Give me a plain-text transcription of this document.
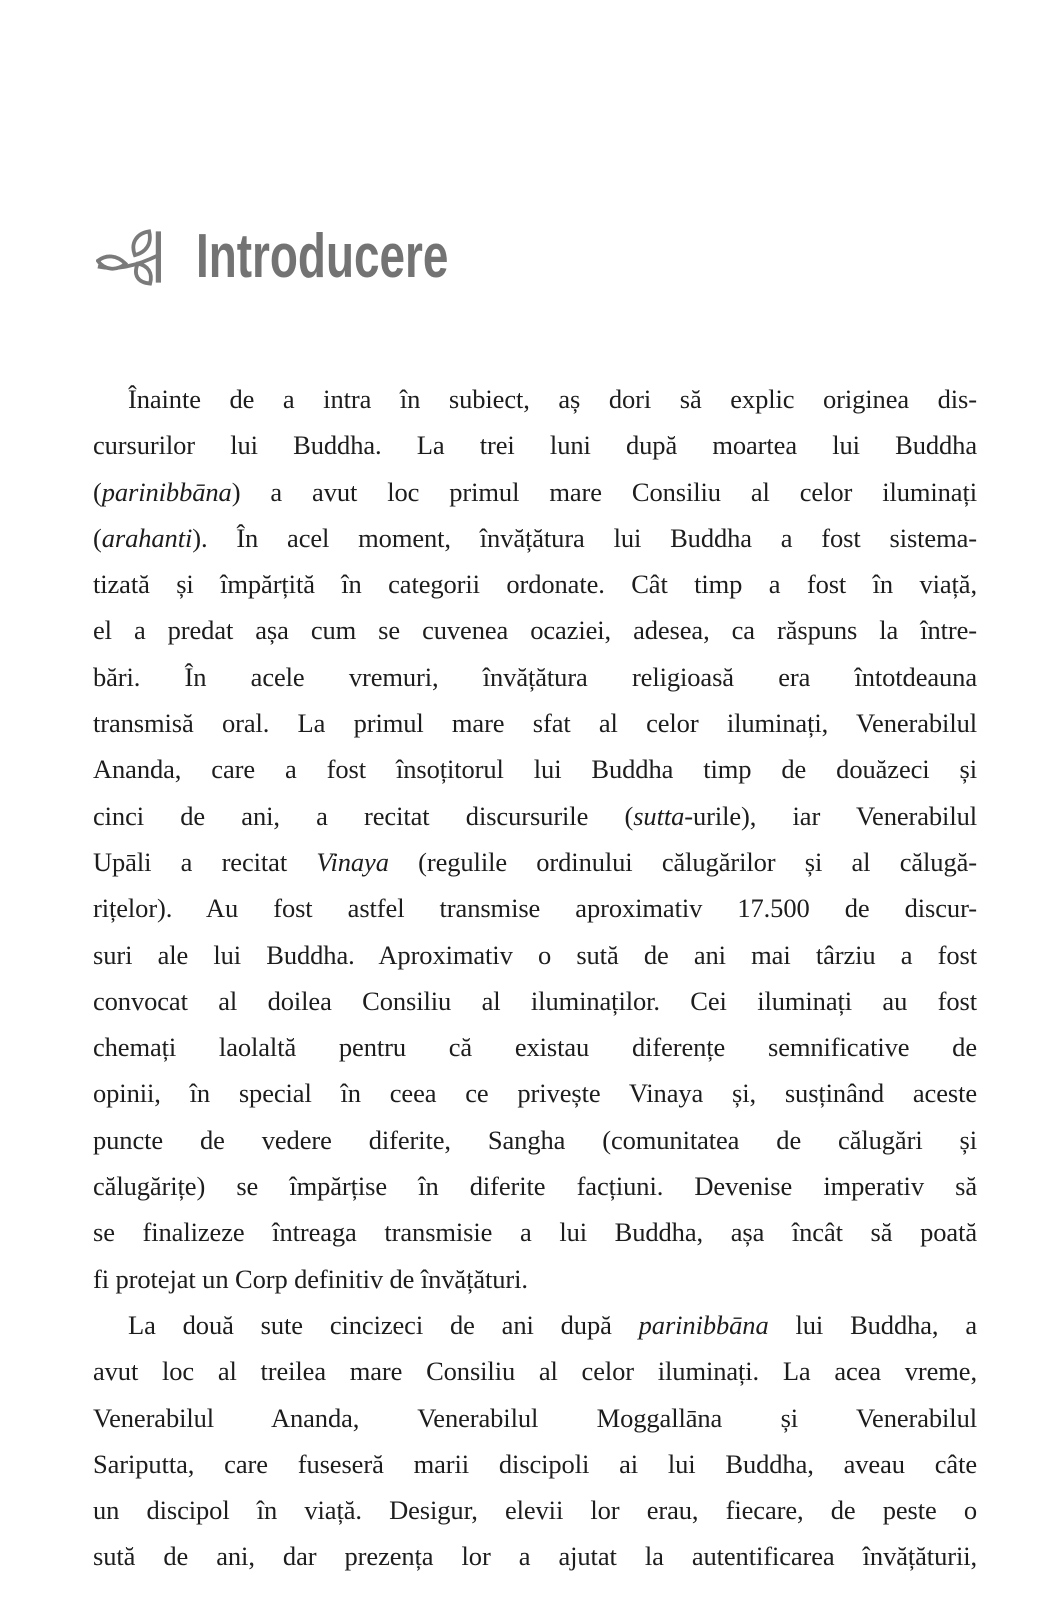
Introducere
Înainte de a intra în subiect, aș dori să explic originea dis-
cursurilor lui Buddha. La trei luni după moartea lui Buddha
(parinibbāna) a avut loc primul mare Consiliu al celor iluminați
(arahanti). În acel moment, învățătura lui Buddha a fost sistema-
tizată și împărțită în categorii ordonate. Cât timp a fost în viață,
el a predat așa cum se cuvenea ocaziei, adesea, ca răspuns la între-
bări. În acele vremuri, învățătura religioasă era întotdeauna
transmisă oral. La primul mare sfat al celor iluminați, Venerabilul
Ananda, care a fost însoțitorul lui Buddha timp de douăzeci și
cinci de ani, a recitat discursurile (sutta-urile), iar Venerabilul
Upāli a recitat Vinaya (regulile ordinului călugărilor și al călugă-
rițelor). Au fost astfel transmise aproximativ 17.500 de discur-
suri ale lui Buddha. Aproximativ o sută de ani mai târziu a fost
convocat al doilea Consiliu al iluminaților. Cei iluminați au fost
chemați laolaltă pentru că existau diferențe semnificative de
opinii, în special în ceea ce privește Vinaya și, susținând aceste
puncte de vedere diferite, Sangha (comunitatea de călugări și
călugărițe) se împărțise în diferite facțiuni. Devenise imperativ să
se finalizeze întreaga transmisie a lui Buddha, așa încât să poată
fi protejat un Corp definitiv de învățături.
La două sute cincizeci de ani după parinibbāna lui Buddha, a
avut loc al treilea mare Consiliu al celor iluminați. La acea vreme,
Venerabilul Ananda, Venerabilul Moggallāna și Venerabilul
Sariputta, care fuseseră marii discipoli ai lui Buddha, aveau câte
un discipol în viață. Desigur, elevii lor erau, fiecare, de peste o
sută de ani, dar prezența lor a ajutat la autentificarea învățăturii,
